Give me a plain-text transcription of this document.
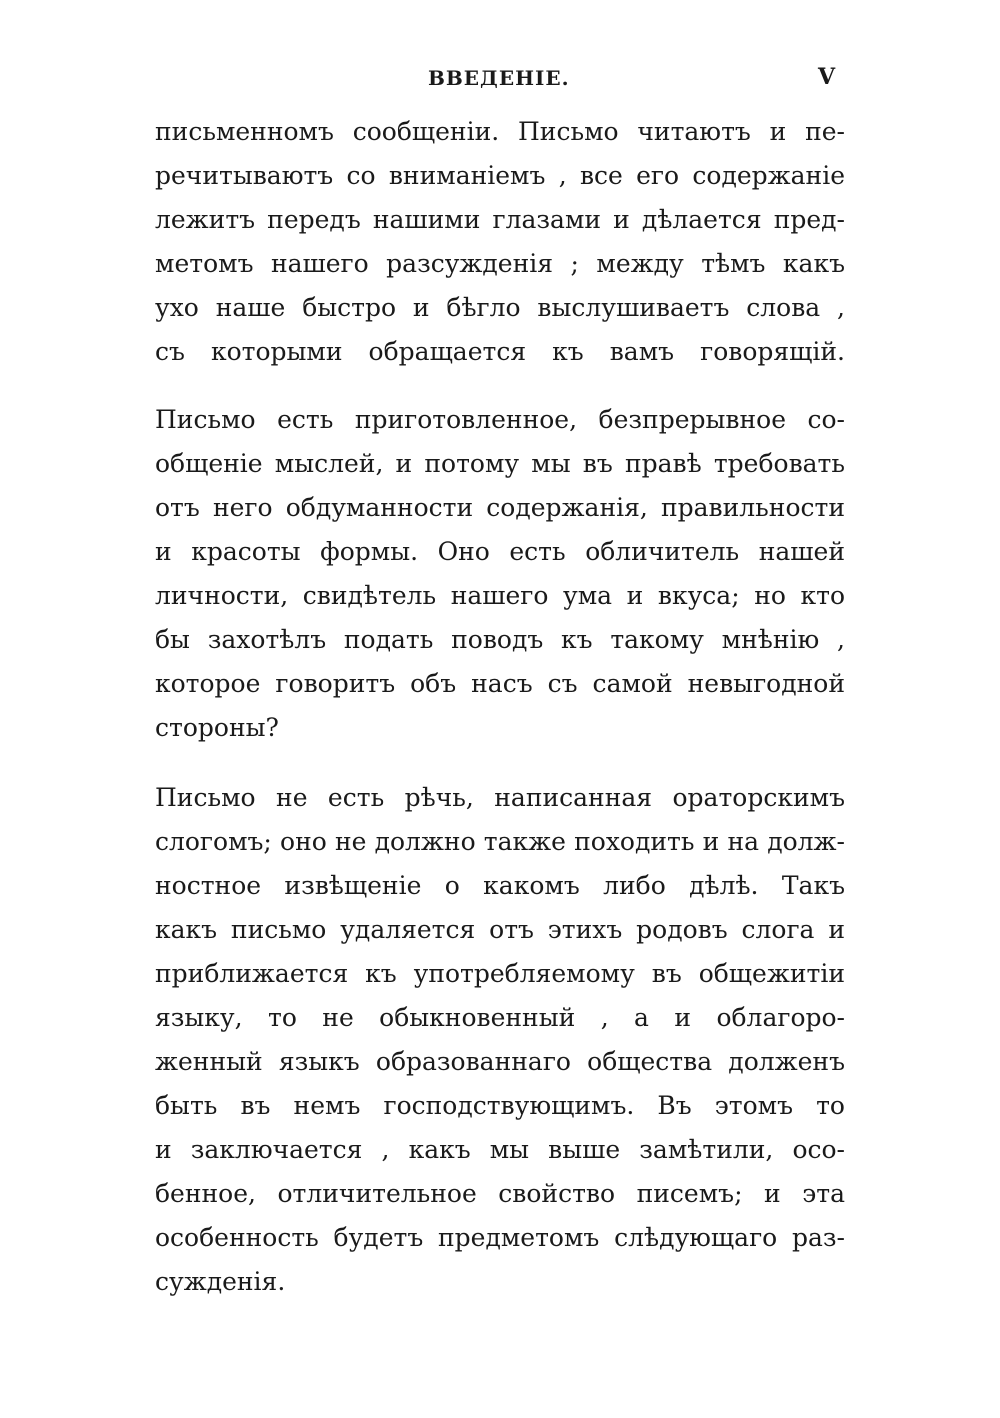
ВВЕДЕНІЕ.	V

письменномъ сообщеніи. Письмо читаютъ и пе-
речитываютъ со вниманіемъ , все его содержаніе
лежитъ передъ нашими глазами и дѣлается пред-
метомъ нашего разсужденія ; между тѣмъ какъ
ухо наше быстро и бѣгло выслушиваетъ слова ,
съ которыми обращается къ вамъ говорящій.

Письмо есть приготовленное, безпрерывное со-
общеніе мыслей, и потому мы въ правѣ требовать
отъ него обдуманности содержанія, правильности
и красоты формы. Оно есть обличитель нашей
личности, свидѣтель нашего ума и вкуса; но кто
бы захотѣлъ подать поводъ къ такому мнѣнію ,
которое говоритъ объ насъ съ самой невыгодной
стороны?

Письмо не есть рѣчь, написанная ораторскимъ
слогомъ; оно не должно также походить и на долж-
ностное извѣщеніе о какомъ либо дѣлѣ. Такъ
какъ письмо удаляется отъ этихъ родовъ слога и
приближается къ употребляемому въ общежитіи
языку, то не обыкновенный , а и облагоро-
женный языкъ образованнаго общества долженъ
быть въ немъ господствующимъ. Въ этомъ то
и заключается , какъ мы выше замѣтили, осо-
бенное, отличительное свойство писемъ; и эта
особенность будетъ предметомъ слѣдующаго раз-
сужденія.
